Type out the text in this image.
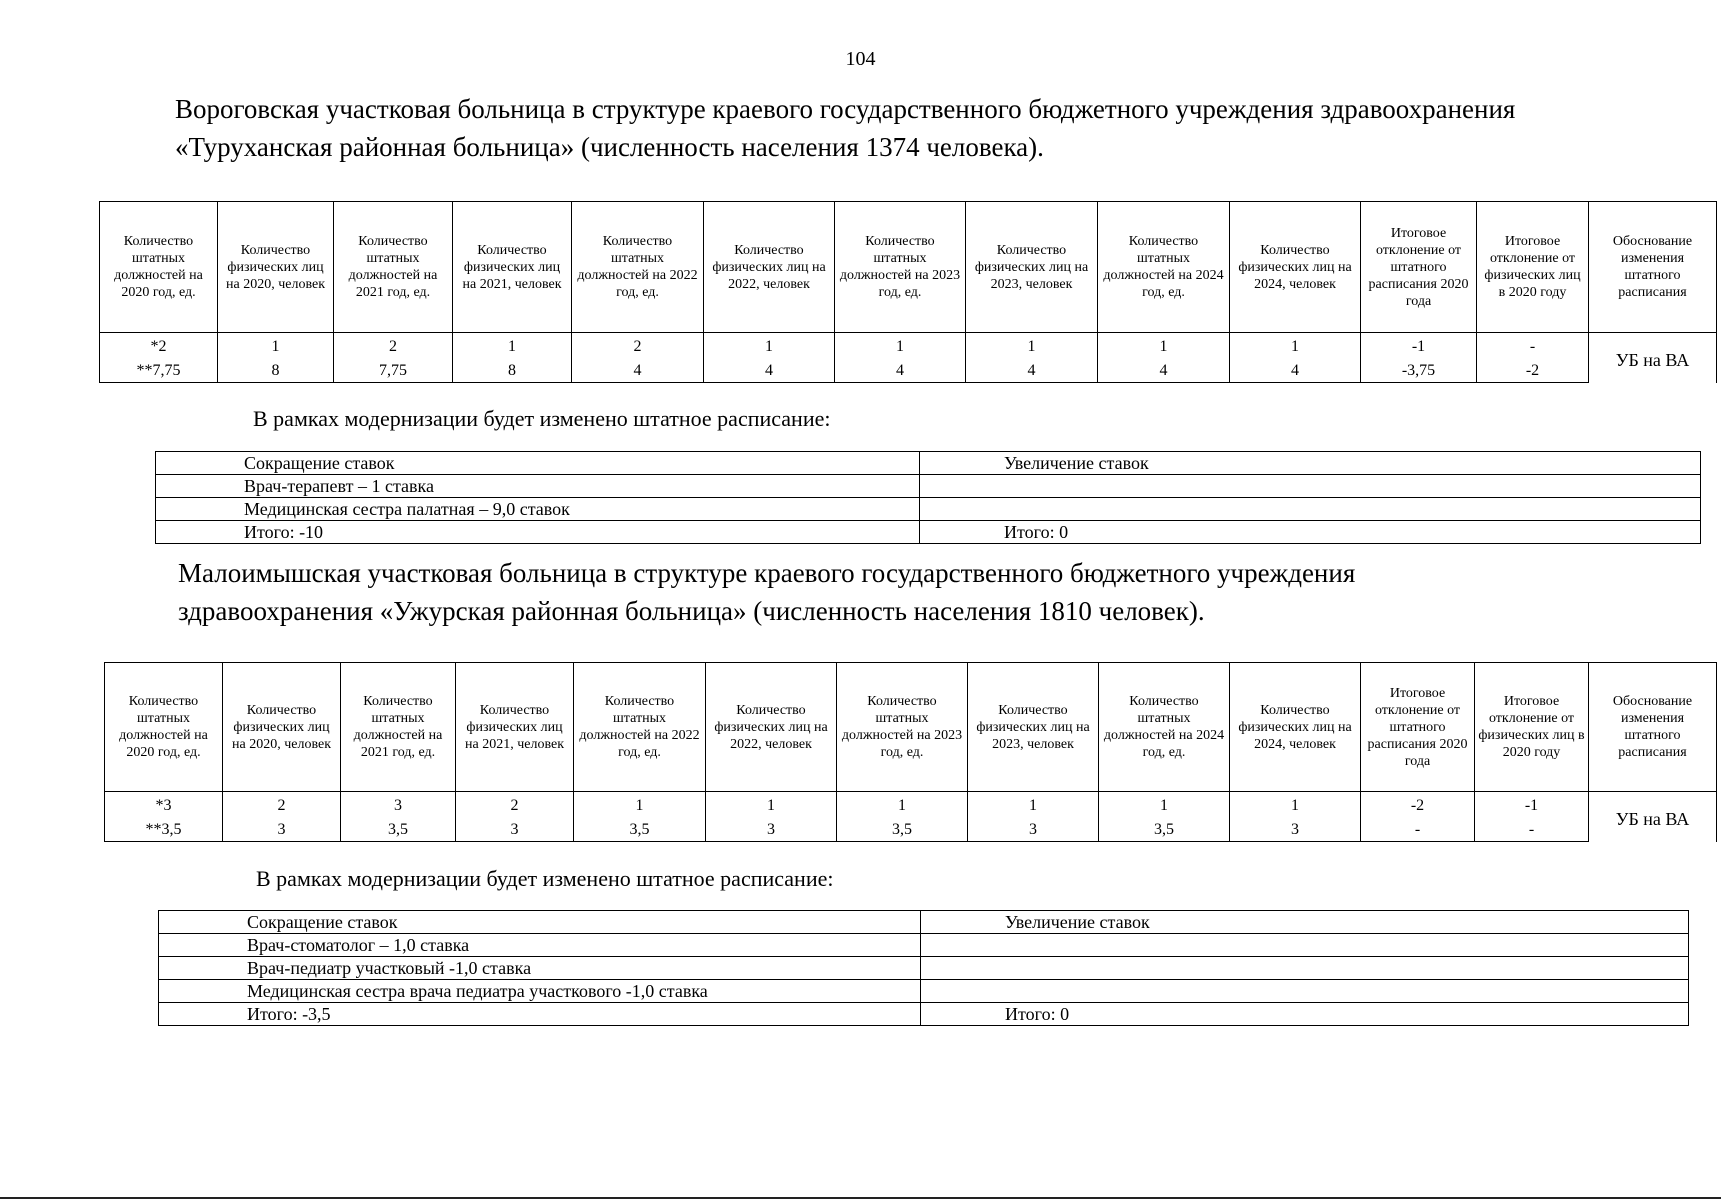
104
Вороговская участковая больница в структуре краевого государственного бюджетного учреждения здравоохранения
«Туруханская районная больница» (численность населения 1374 человека).
Количество штатных должностей на 2020 год, ед.	Количество физических лиц на 2020, человек	Количество штатных должностей на 2021 год, ед.	Количество физических лиц на 2021, человек	Количество штатных должностей на 2022 год, ед.	Количество физических лиц на 2022, человек	Количество штатных должностей на 2023 год, ед.	Количество физических лиц на 2023, человек	Количество штатных должностей на 2024 год, ед.	Количество физических лиц на 2024, человек	Итоговое отклонение от штатного расписания 2020 года	Итоговое отклонение от физических лиц в 2020 году	Обоснование изменения штатного расписания
*2	1	2	1	2	1	1	1	1	1	-1	-	УБ на ВА
**7,75	8	7,75	8	4	4	4	4	4	4	-3,75	-2	
В рамках модернизации будет изменено штатное расписание:
Сокращение ставок	Увеличение ставок
Врач-терапевт – 1 ставка	
Медицинская сестра палатная – 9,0 ставок	
Итого: -10	Итого: 0
Малоимышская участковая больница в структуре краевого государственного бюджетного учреждения
здравоохранения «Ужурская районная больница» (численность населения 1810 человек).
Количество штатных должностей на 2020 год, ед.	Количество физических лиц на 2020, человек	Количество штатных должностей на 2021 год, ед.	Количество физических лиц на 2021, человек	Количество штатных должностей на 2022 год, ед.	Количество физических лиц на 2022, человек	Количество штатных должностей на 2023 год, ед.	Количество физических лиц на 2023, человек	Количество штатных должностей на 2024 год, ед.	Количество физических лиц на 2024, человек	Итоговое отклонение от штатного расписания 2020 года	Итоговое отклонение от физических лиц в 2020 году	Обоснование изменения штатного расписания
*3	2	3	2	1	1	1	1	1	1	-2	-1	УБ на ВА
**3,5	3	3,5	3	3,5	3	3,5	3	3,5	3	-	-	
В рамках модернизации будет изменено штатное расписание:
Сокращение ставок	Увеличение ставок
Врач-стоматолог – 1,0 ставка	
Врач-педиатр участковый -1,0 ставка	
Медицинская сестра врача педиатра участкового -1,0 ставка	
Итого: -3,5	Итого: 0
